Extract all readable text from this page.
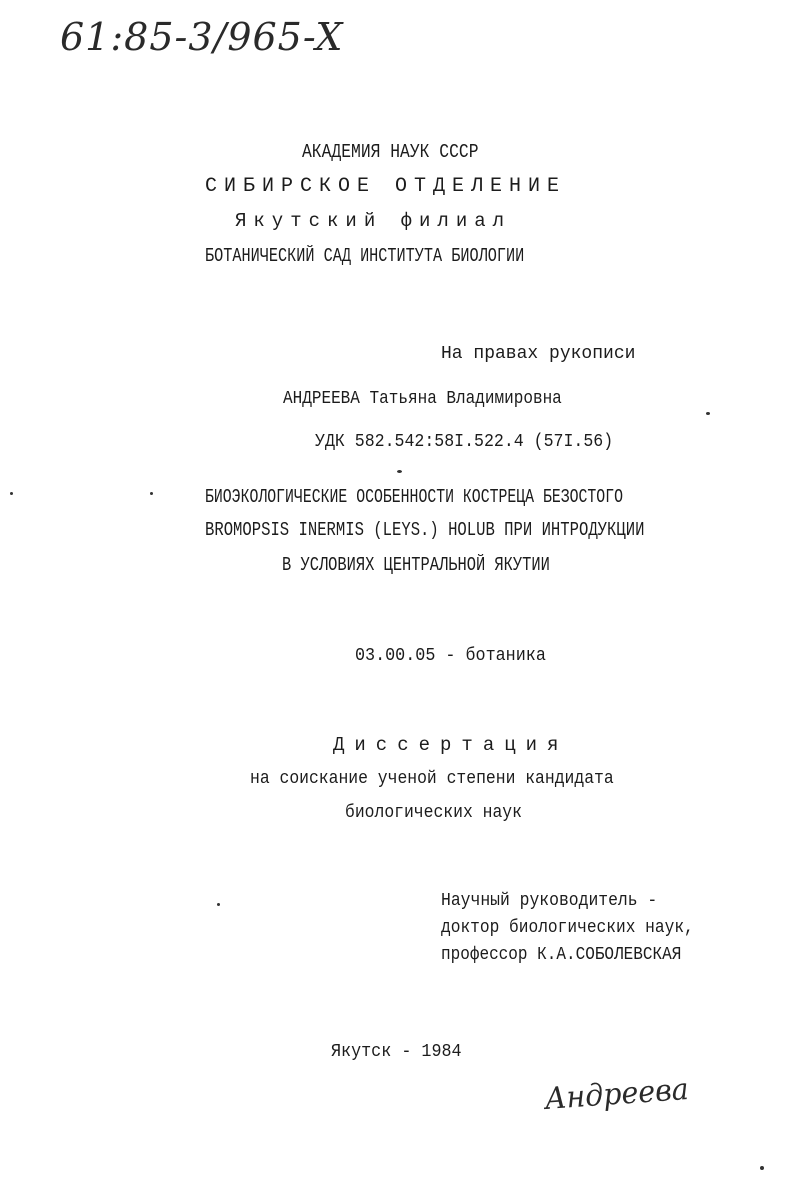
61:85-3/965-X
АКАДЕМИЯ НАУК СССР
СИБИРСКОЕ ОТДЕЛЕНИЕ
Якутский филиал
БОТАНИЧЕСКИЙ САД ИНСТИТУТА БИОЛОГИИ
На правах рукописи
АНДРЕЕВА Татьяна Владимировна
УДК 582.542:58I.522.4 (57I.56)
БИОЭКОЛОГИЧЕСКИЕ ОСОБЕННОСТИ КОСТРЕЦА БЕЗОСТОГО
BROMOPSIS INERMIS (LEYS.) HOLUB ПРИ ИНТРОДУКЦИИ
В УСЛОВИЯХ ЦЕНТРАЛЬНОЙ ЯКУТИИ
03.00.05 - ботаника
Диссертация
на соискание ученой степени кандидата
биологических наук
Научный руководитель -
доктор биологических наук,
профессор К.А.СОБОЛЕВСКАЯ
Якутск - 1984
Андреева
